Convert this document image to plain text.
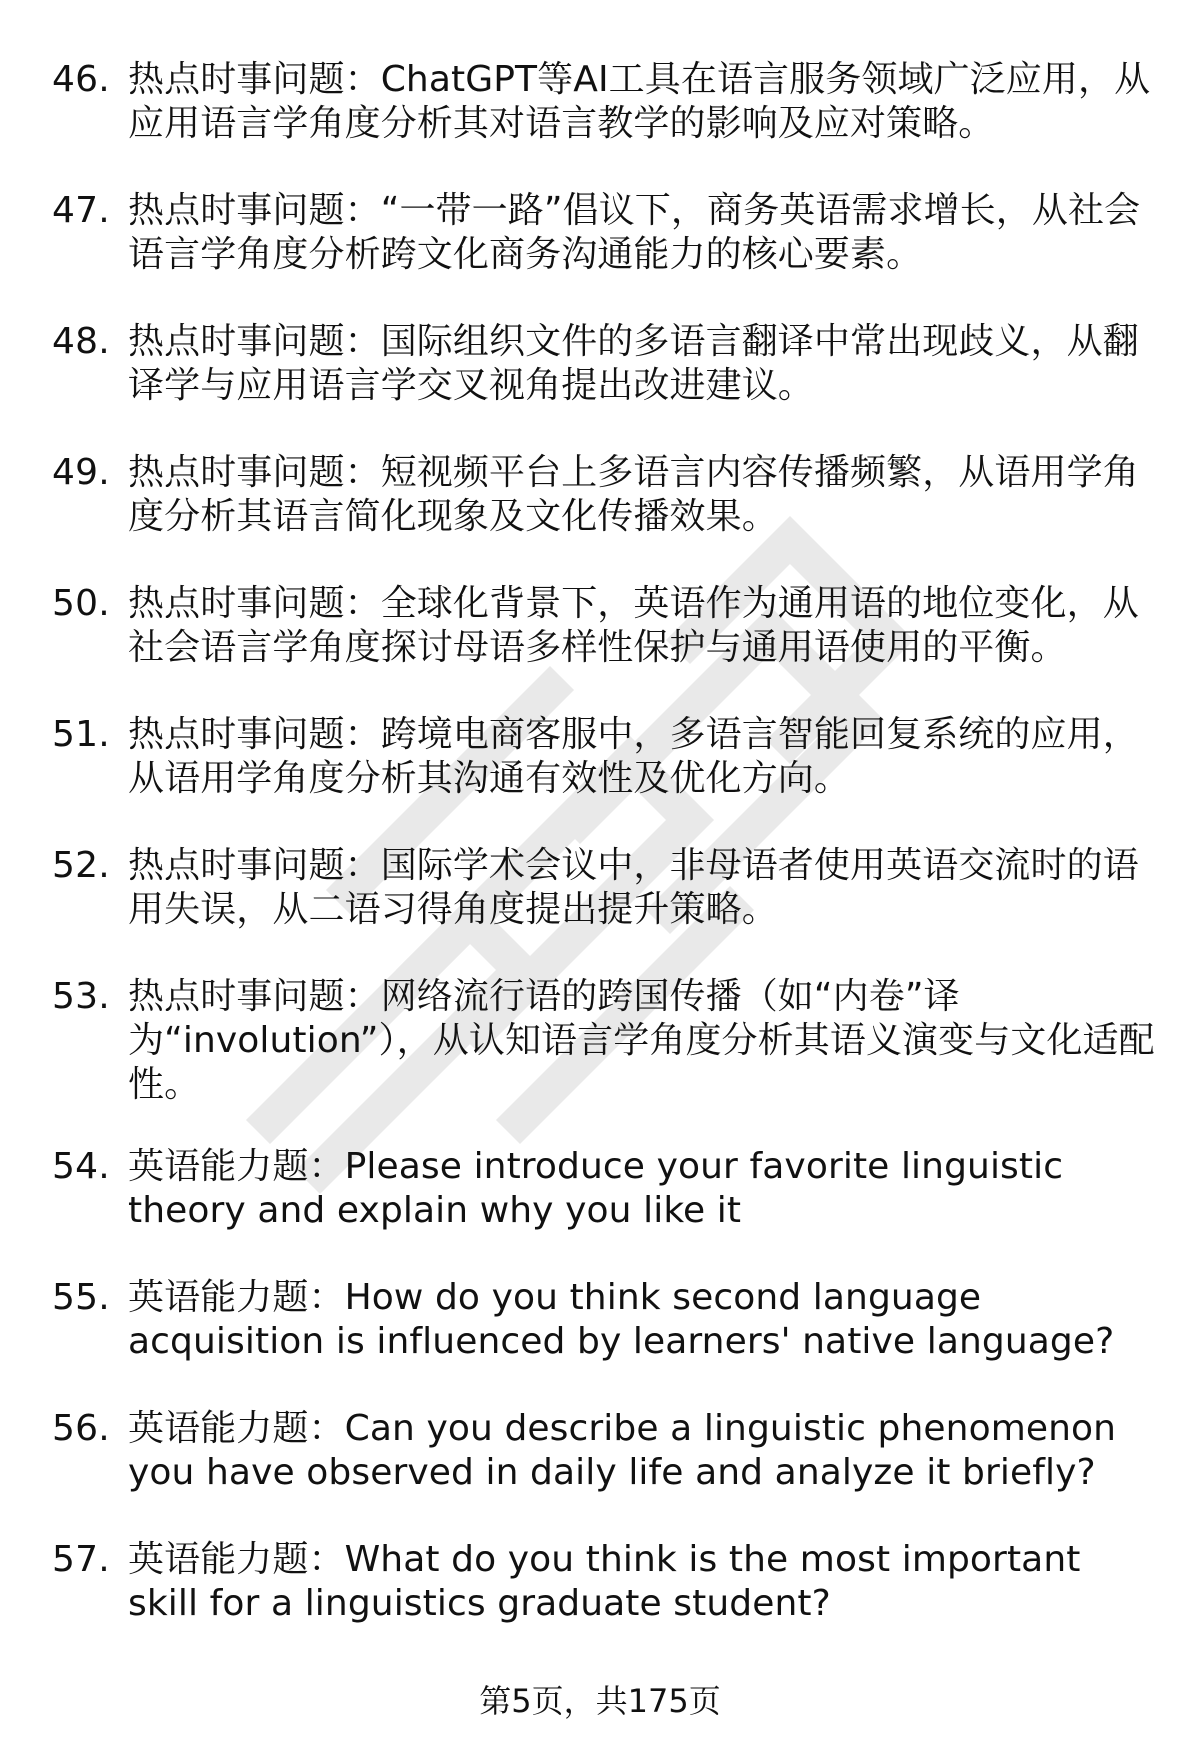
46. 热点时事问题：ChatGPT等AI工具在语言服务领域广泛应用，从应用语言学角度分析其对语言教学的影响及应对策略。
47. 热点时事问题：“一带一路”倡议下，商务英语需求增长，从社会语言学角度分析跨文化商务沟通能力的核心要素。
48. 热点时事问题：国际组织文件的多语言翻译中常出现歧义，从翻译学与应用语言学交叉视角提出改进建议。
49. 热点时事问题：短视频平台上多语言内容传播频繁，从语用学角度分析其语言简化现象及文化传播效果。
50. 热点时事问题：全球化背景下，英语作为通用语的地位变化，从社会语言学角度探讨母语多样性保护与通用语使用的平衡。
51. 热点时事问题：跨境电商客服中，多语言智能回复系统的应用，从语用学角度分析其沟通有效性及优化方向。
52. 热点时事问题：国际学术会议中，非母语者使用英语交流时的语用失误，从二语习得角度提出提升策略。
53. 热点时事问题：网络流行语的跨国传播（如“内卷”译为“involution”），从认知语言学角度分析其语义演变与文化适配性。
54. 英语能力题：Please introduce your favorite linguistic theory and explain why you like it
55. 英语能力题：How do you think second language acquisition is influenced by learners' native language?
56. 英语能力题：Can you describe a linguistic phenomenon you have observed in daily life and analyze it briefly?
57. 英语能力题：What do you think is the most important skill for a linguistics graduate student?
第5页，共175页
